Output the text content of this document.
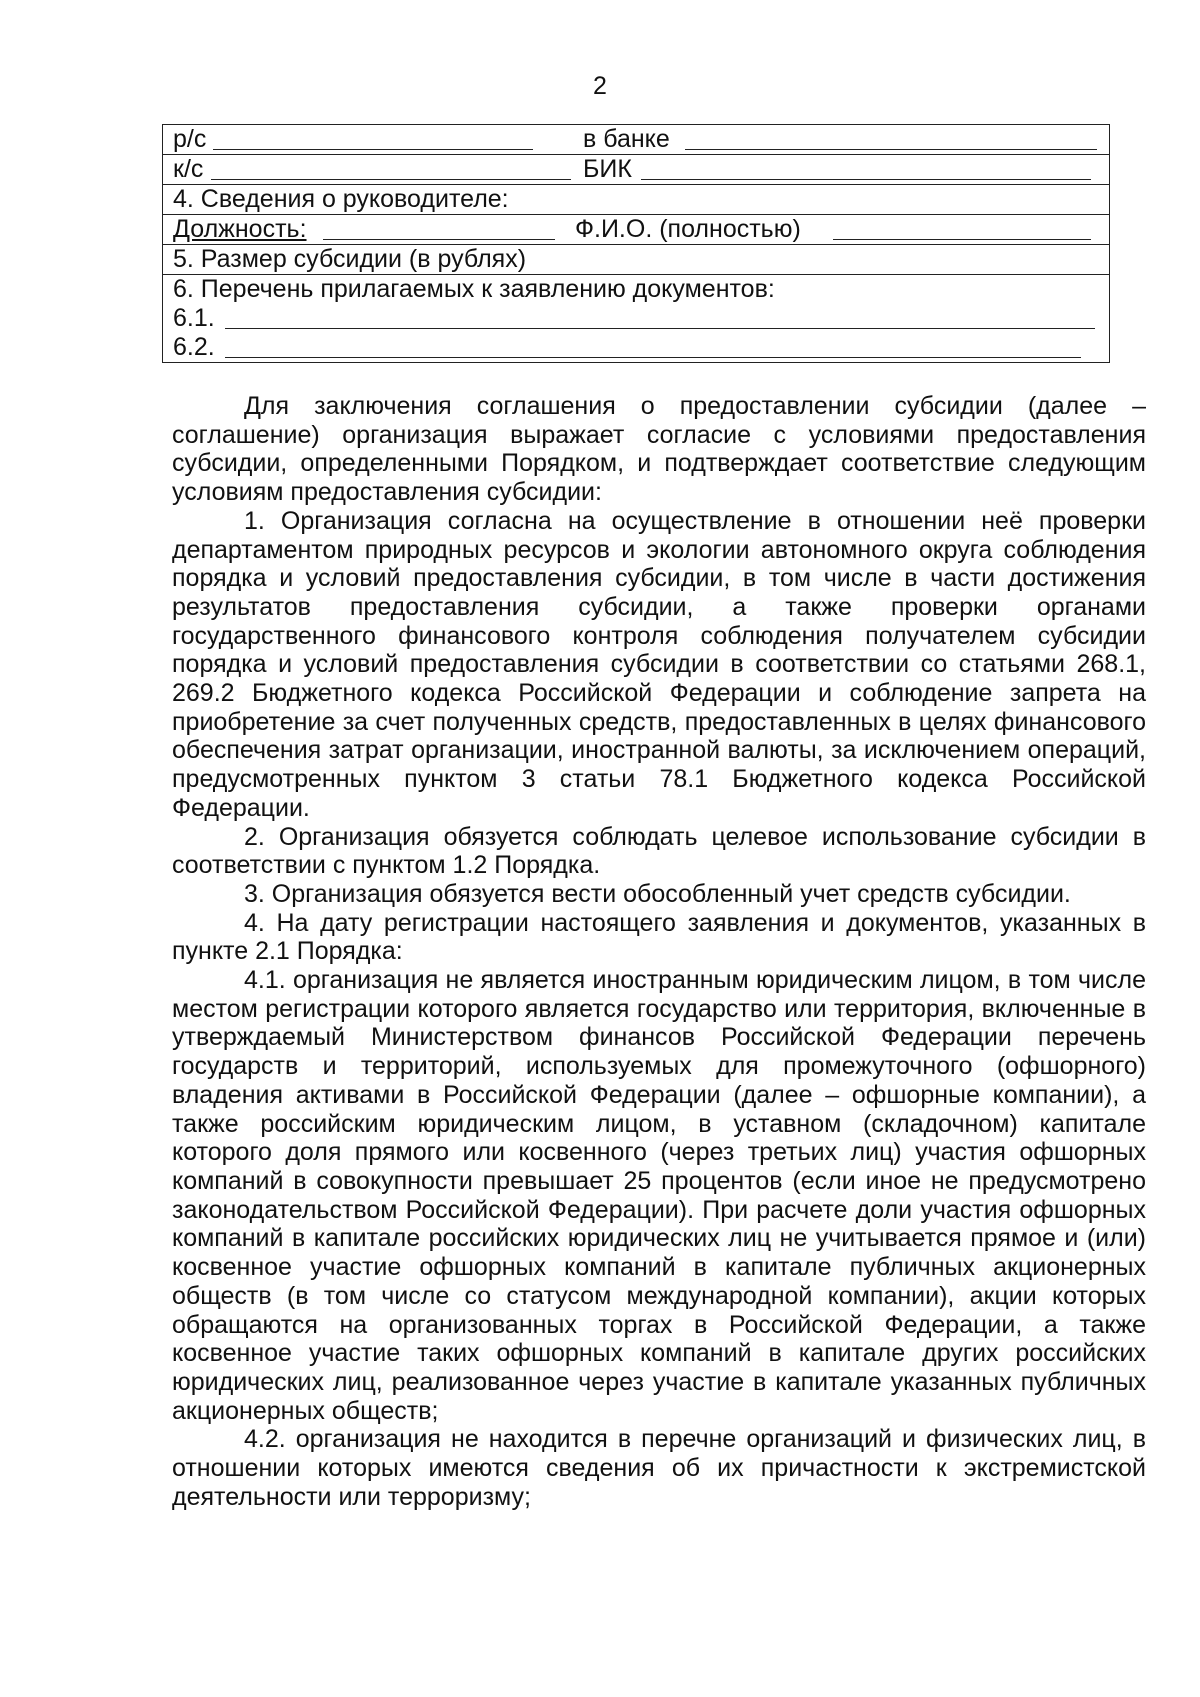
2
р/с	в банке
к/с	БИК
4. Сведения о руководителе:
Должность:	Ф.И.О. (полностью)
5. Размер субсидии (в рублях)
6. Перечень прилагаемых к заявлению документов:
6.1.
6.2.

Для заключения соглашения о предоставлении субсидии (далее – соглашение) организация выражает согласие с условиями предоставления субсидии, определенными Порядком, и подтверждает соответствие следующим условиям предоставления субсидии:

1. Организация согласна на осуществление в отношении неё проверки департаментом природных ресурсов и экологии автономного округа соблюдения порядка и условий предоставления субсидии, в том числе в части достижения результатов предоставления субсидии, а также проверки органами государственного финансового контроля соблюдения получателем субсидии порядка и условий предоставления субсидии в соответствии со статьями 268.1, 269.2 Бюджетного кодекса Российской Федерации и соблюдение запрета на приобретение за счет полученных средств, предоставленных в целях финансового обеспечения затрат организации, иностранной валюты, за исключением операций, предусмотренных пунктом 3 статьи 78.1 Бюджетного кодекса Российской Федерации.

2. Организация обязуется соблюдать целевое использование субсидии в соответствии с пунктом 1.2 Порядка.

3. Организация обязуется вести обособленный учет средств субсидии.

4. На дату регистрации настоящего заявления и документов, указанных в пункте 2.1 Порядка:

4.1. организация не является иностранным юридическим лицом, в том числе местом регистрации которого является государство или территория, включенные в утверждаемый Министерством финансов Российской Федерации перечень государств и территорий, используемых для промежуточного (офшорного) владения активами в Российской Федерации (далее – офшорные компании), а также российским юридическим лицом, в уставном (складочном) капитале которого доля прямого или косвенного (через третьих лиц) участия офшорных компаний в совокупности превышает 25 процентов (если иное не предусмотрено законодательством Российской Федерации). При расчете доли участия офшорных компаний в капитале российских юридических лиц не учитывается прямое и (или) косвенное участие офшорных компаний в капитале публичных акционерных обществ (в том числе со статусом международной компании), акции которых обращаются на организованных торгах в Российской Федерации, а также косвенное участие таких офшорных компаний в капитале других российских юридических лиц, реализованное через участие в капитале указанных публичных акционерных обществ;

4.2. организация не находится в перечне организаций и физических лиц, в отношении которых имеются сведения об их причастности к экстремистской деятельности или терроризму;
